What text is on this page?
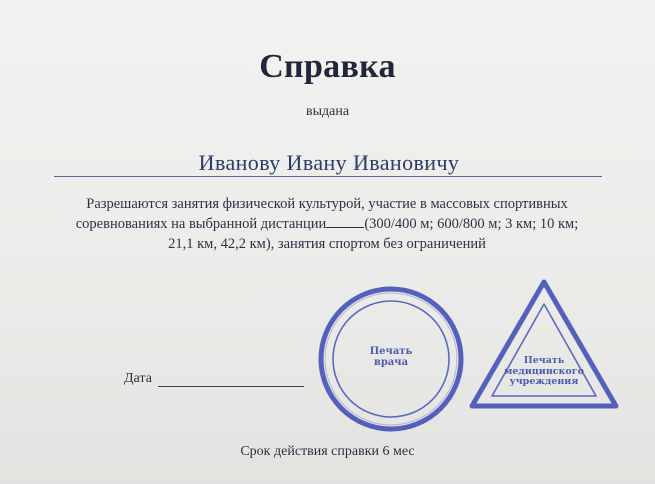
Справка
выдана
Иванову Ивану Ивановичу
Разрешаются занятия физической культурой, участие в массовых спортивных
соревнованиях на выбранной дистанции	(300/400 м; 600/800 м; 3 км; 10 км;
21,1 км, 42,2 км), занятия спортом без ограничений
Дата
Печать
врача	Печать
медицинского
учреждения
Срок действия справки 6 мес
